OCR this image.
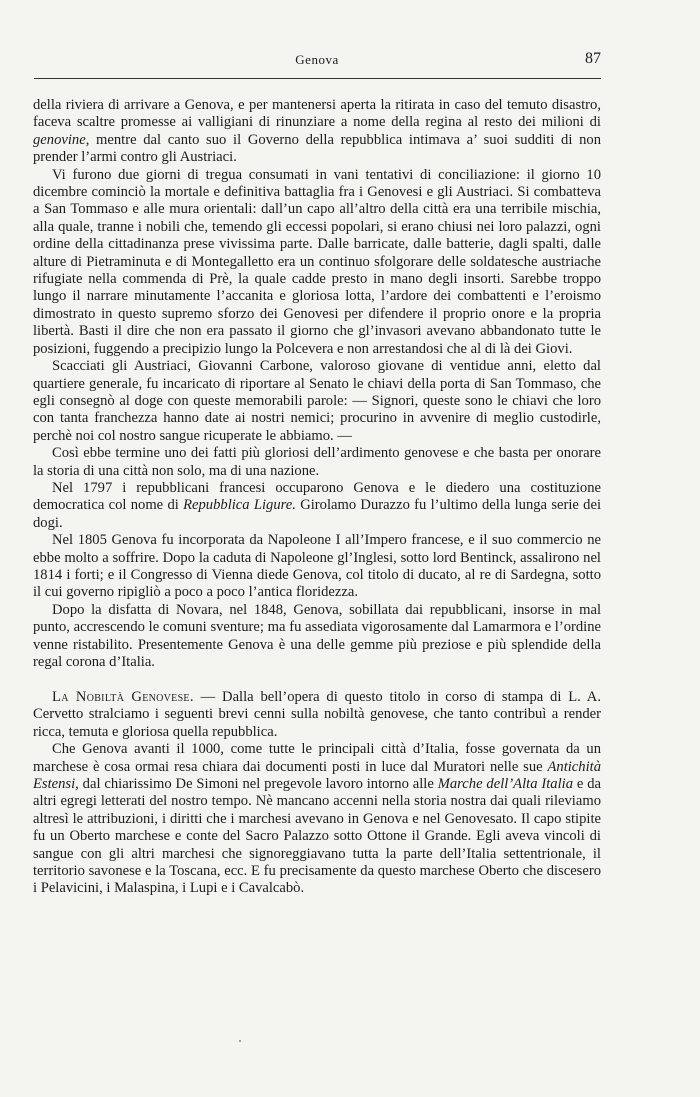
Genova	87

della riviera di arrivare a Genova, e per mantenersi aperta la ritirata in caso del temuto disastro, faceva scaltre promesse ai valligiani di rinunziare a nome della regina al resto dei milioni di genovine, mentre dal canto suo il Governo della repubblica intimava a’ suoi sudditi di non prender l’armi contro gli Austriaci.

Vi furono due giorni di tregua consumati in vani tentativi di conciliazione: il giorno 10 dicembre cominciò la mortale e definitiva battaglia fra i Genovesi e gli Austriaci. Si combatteva a San Tommaso e alle mura orientali: dall’un capo all’altro della città era una terribile mischia, alla quale, tranne i nobili che, temendo gli eccessi popolari, si erano chiusi nei loro palazzi, ogni ordine della cittadinanza prese vivissima parte. Dalle barricate, dalle batterie, dagli spalti, dalle alture di Pietraminuta e di Montegalletto era un continuo sfolgorare delle soldatesche austriache rifugiate nella commenda di Prè, la quale cadde presto in mano degli insorti. Sarebbe troppo lungo il narrare minutamente l’accanita e gloriosa lotta, l’ardore dei combattenti e l’eroismo dimostrato in questo supremo sforzo dei Genovesi per difendere il proprio onore e la propria libertà. Basti il dire che non era passato il giorno che gl’invasori avevano abbandonato tutte le posizioni, fuggendo a precipizio lungo la Polcevera e non arrestandosi che al di là dei Giovi.

Scacciati gli Austriaci, Giovanni Carbone, valoroso giovane di ventidue anni, eletto dal quartiere generale, fu incaricato di riportare al Senato le chiavi della porta di San Tommaso, che egli consegnò al doge con queste memorabili parole: — Signori, queste sono le chiavi che loro con tanta franchezza hanno date ai nostri nemici; procurino in avvenire di meglio custodirle, perchè noi col nostro sangue ricuperate le abbiamo. —

Così ebbe termine uno dei fatti più gloriosi dell’ardimento genovese e che basta per onorare la storia di una città non solo, ma di una nazione.

Nel 1797 i repubblicani francesi occuparono Genova e le diedero una costituzione democratica col nome di Repubblica Ligure. Girolamo Durazzo fu l’ultimo della lunga serie dei dogi.

Nel 1805 Genova fu incorporata da Napoleone I all’Impero francese, e il suo commercio ne ebbe molto a soffrire. Dopo la caduta di Napoleone gl’Inglesi, sotto lord Bentinck, assalirono nel 1814 i forti; e il Congresso di Vienna diede Genova, col titolo di ducato, al re di Sardegna, sotto il cui governo ripigliò a poco a poco l’antica floridezza.

Dopo la disfatta di Novara, nel 1848, Genova, sobillata dai repubblicani, insorse in mal punto, accrescendo le comuni sventure; ma fu assediata vigorosamente dal Lamarmora e l’ordine venne ristabilito. Presentemente Genova è una delle gemme più preziose e più splendide della regal corona d’Italia.

La Nobiltà Genovese. — Dalla bell’opera di questo titolo in corso di stampa di L. A. Cervetto stralciamo i seguenti brevi cenni sulla nobiltà genovese, che tanto contribuì a render ricca, temuta e gloriosa quella repubblica.

Che Genova avanti il 1000, come tutte le principali città d’Italia, fosse governata da un marchese è cosa ormai resa chiara dai documenti posti in luce dal Muratori nelle sue Antichità Estensi, dal chiarissimo De Simoni nel pregevole lavoro intorno alle Marche dell’Alta Italia e da altri egregi letterati del nostro tempo. Nè mancano accenni nella storia nostra dai quali rileviamo altresì le attribuzioni, i diritti che i marchesi avevano in Genova e nel Genovesato. Il capo stipite fu un Oberto marchese e conte del Sacro Palazzo sotto Ottone il Grande. Egli aveva vincoli di sangue con gli altri marchesi che signoreggiavano tutta la parte dell’Italia settentrionale, il territorio savonese e la Toscana, ecc. E fu precisamente da questo marchese Oberto che discesero i Pelavicini, i Malaspina, i Lupi e i Cavalcabò.
